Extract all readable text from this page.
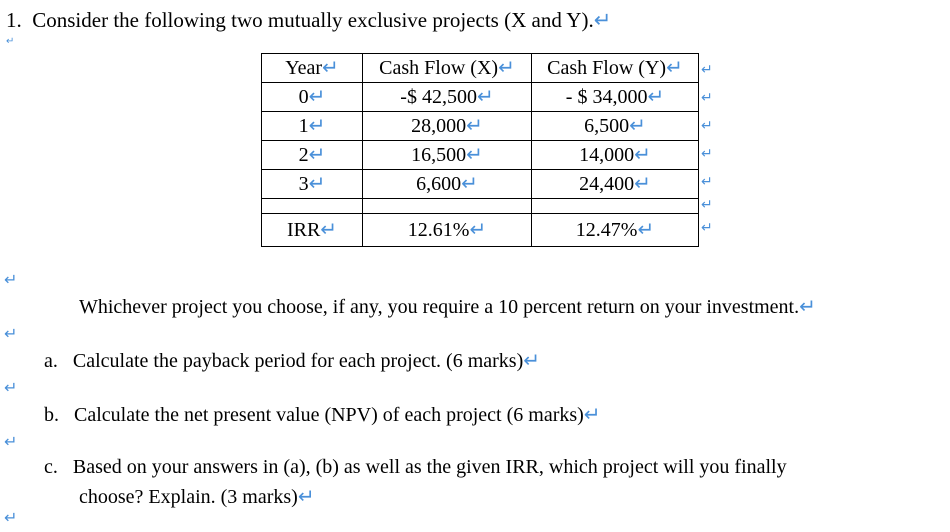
1. Consider the following two mutually exclusive projects (X and Y).↵
↵
Year↵	Cash Flow (X)↵	Cash Flow (Y)↵
0↵	-$ 42,500↵	- $ 34,000↵
1↵	28,000↵	6,500↵
2↵	16,500↵	14,000↵
3↵	6,600↵	24,400↵

IRR↵	12.61%↵	12.47%↵
↵
↵
↵
↵
↵
↵
↵
↵
Whichever project you choose, if any, you require a 10 percent return on your investment.↵
↵
a. Calculate the payback period for each project. (6 marks)↵
↵
b. Calculate the net present value (NPV) of each project (6 marks)↵
↵
c. Based on your answers in (a), (b) as well as the given IRR, which project will you finally
choose? Explain. (3 marks)↵
↵
